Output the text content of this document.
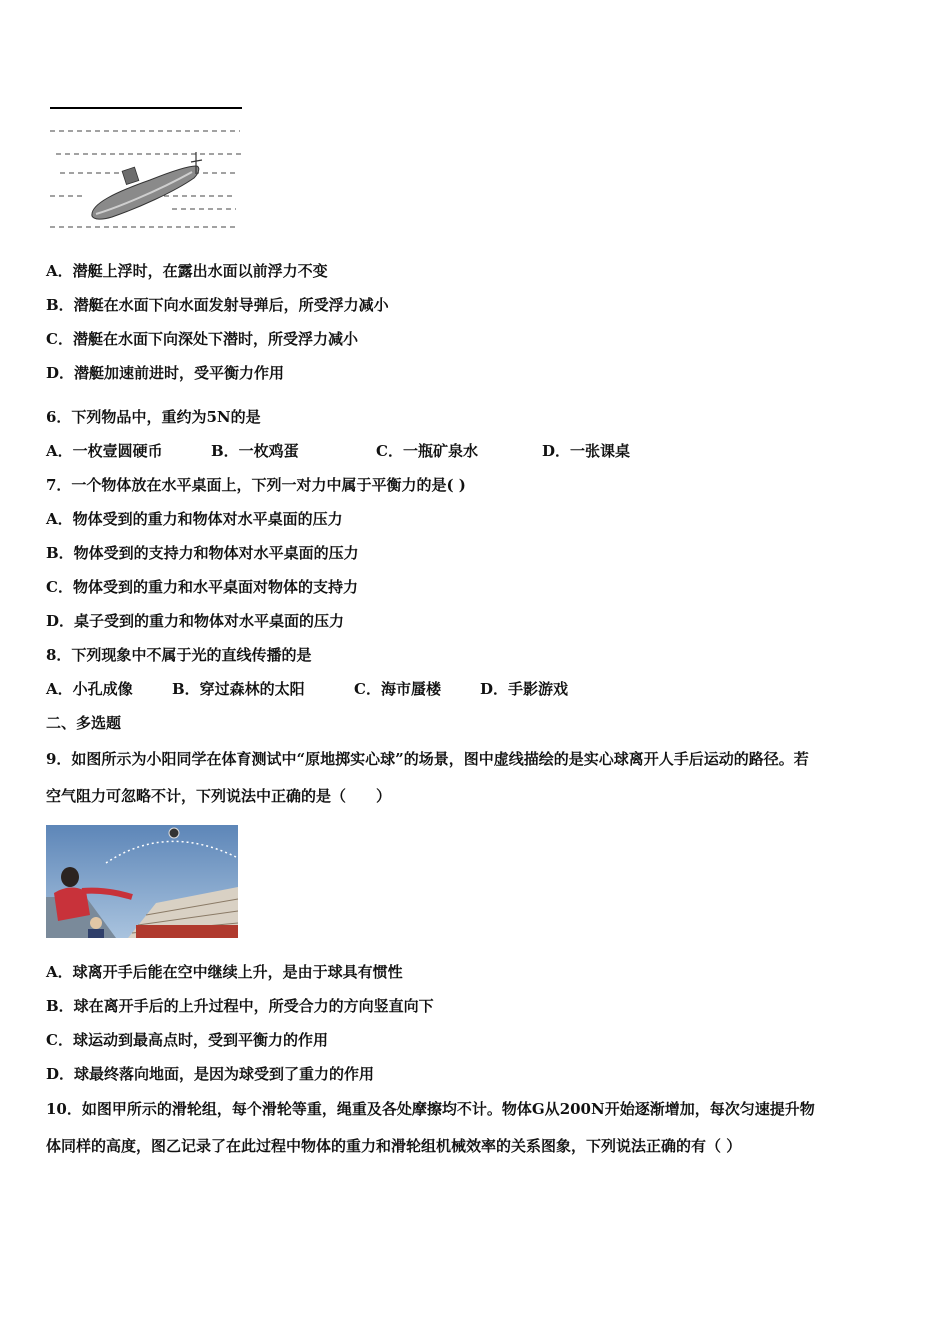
A．潜艇上浮时，在露出水面以前浮力不变
B．潜艇在水面下向水面发射导弹后，所受浮力减小
C．潜艇在水面下向深处下潜时，所受浮力减小
D．潜艇加速前进时，受平衡力作用
6．下列物品中，重约为5N的是
A．一枚壹圆硬币	B．一枚鸡蛋	C．一瓶矿泉水	D．一张课桌
7．一个物体放在水平桌面上，下列一对力中属于平衡力的是( )
A．物体受到的重力和物体对水平桌面的压力
B．物体受到的支持力和物体对水平桌面的压力
C．物体受到的重力和水平桌面对物体的支持力
D．桌子受到的重力和物体对水平桌面的压力
8．下列现象中不属于光的直线传播的是
A．小孔成像	B．穿过森林的太阳	C．海市蜃楼	D．手影游戏
二、多选题
9．如图所示为小阳同学在体育测试中“原地掷实心球”的场景，图中虚线描绘的是实心球离开人手后运动的路径。若
空气阻力可忽略不计，下列说法中正确的是（　　）
A．球离开手后能在空中继续上升，是由于球具有惯性
B．球在离开手后的上升过程中，所受合力的方向竖直向下
C．球运动到最高点时，受到平衡力的作用
D．球最终落向地面，是因为球受到了重力的作用
10．如图甲所示的滑轮组，每个滑轮等重，绳重及各处摩擦均不计。物体G从200N开始逐渐增加，每次匀速提升物
体同样的高度，图乙记录了在此过程中物体的重力和滑轮组机械效率的关系图象，下列说法正确的有（ ）
